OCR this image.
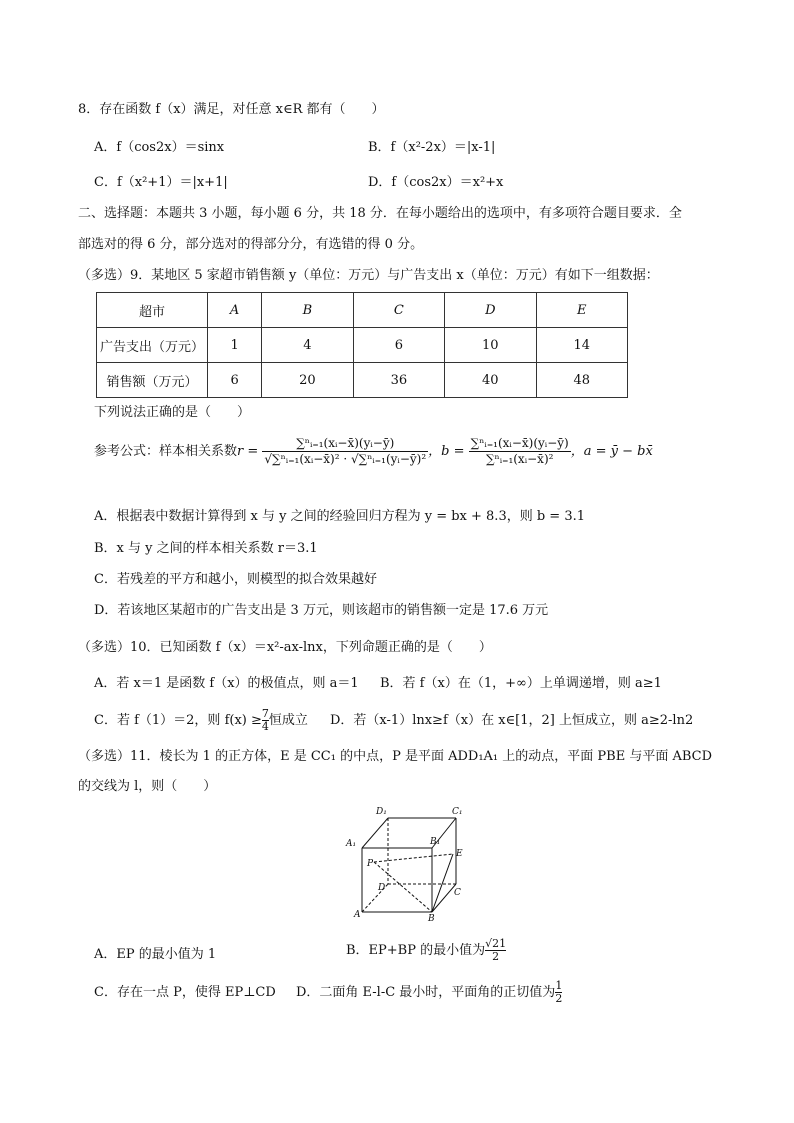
8．存在函数 f（x）满足，对任意 x∈R 都有（　　）
A．f（cos2x）＝sinx	B．f（x²-2x）＝|x-1|
C．f（x²+1）＝|x+1|	D．f（cos2x）＝x²+x
二、选择题：本题共 3 小题，每小题 6 分，共 18 分．在每小题给出的选项中，有多项符合题目要求．全
部选对的得 6 分，部分选对的得部分分，有选错的得 0 分。
（多选）9．某地区 5 家超市销售额 y（单位：万元）与广告支出 x（单位：万元）有如下一组数据：
超市	A	B	C	D	E
广告支出（万元）	1	4	6	10	14
销售额（万元）	6	20	36	40	48
下列说法正确的是（　　）
参考公式：样本相关系数$r = \frac{\text{∑ⁿᵢ₌₁(xᵢ−x̄)(yᵢ−ȳ)}}{\text{√∑ⁿᵢ₌₁(xᵢ−x̄)² · √∑ⁿᵢ₌₁(yᵢ−ȳ)²}}$ ，$b = \frac{\text{∑ⁿᵢ₌₁(xᵢ−x̄)(yᵢ−ȳ)}}{\text{∑ⁿᵢ₌₁(xᵢ−x̄)²}}$ ，a = ȳ − bx̄
A．根据表中数据计算得到 x 与 y 之间的经验回归方程为 y = bx + 8.3，则 b = 3.1
B．x 与 y 之间的样本相关系数 r＝3.1
C．若残差的平方和越小，则模型的拟合效果越好
D．若该地区某超市的广告支出是 3 万元，则该超市的销售额一定是 17.6 万元
（多选）10．已知函数 f（x）＝x²-ax-lnx，下列命题正确的是（　　）
A．若 x＝1 是函数 f（x）的极值点，则 a＝1 B．若 f（x）在（1，+∞）上单调递增，则 a≥1
C．若 f（1）＝2，则 $f(x) \ge \frac{7}{4}$ 恒成立 D．若（x-1）lnx≥f（x）在 x∈[1，2] 上恒成立，则 a≥2-ln2
（多选）11．棱长为 1 的正方体，E 是 CC₁ 的中点，P 是平面 ADD₁A₁ 上的动点，平面 PBE 与平面 ABCD
的交线为 l，则（　　）
D₁	C₁
A₁	B₁
E
P
D	C
A	B
A．EP 的最小值为 1	B．EP+BP 的最小值为 $\frac{√21}{2}$
C．存在一点 P，使得 EP⊥CD D．二面角 E-l-C 最小时，平面角的正切值为 $\frac{1}{2}$
